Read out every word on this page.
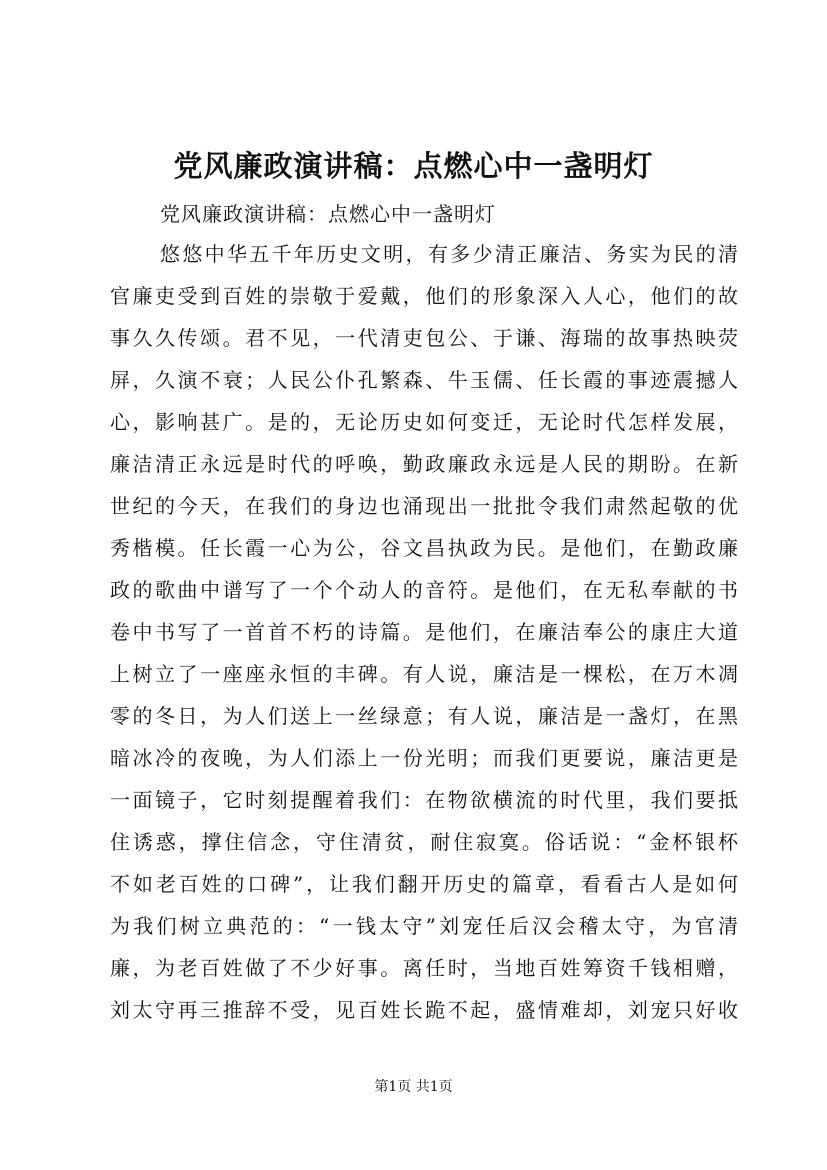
党风廉政演讲稿：点燃心中一盏明灯
党风廉政演讲稿：点燃心中一盏明灯
悠悠中华五千年历史文明，有多少清正廉洁、务实为民的清
官廉吏受到百姓的崇敬于爱戴，他们的形象深入人心，他们的故
事久久传颂。君不见，一代清吏包公、于谦、海瑞的故事热映荧
屏，久演不衰；人民公仆孔繁森、牛玉儒、任长霞的事迹震撼人
心，影响甚广。是的，无论历史如何变迁，无论时代怎样发展，
廉洁清正永远是时代的呼唤，勤政廉政永远是人民的期盼。在新
世纪的今天，在我们的身边也涌现出一批批令我们肃然起敬的优
秀楷模。任长霞一心为公，谷文昌执政为民。是他们，在勤政廉
政的歌曲中谱写了一个个动人的音符。是他们，在无私奉献的书
卷中书写了一首首不朽的诗篇。是他们，在廉洁奉公的康庄大道
上树立了一座座永恒的丰碑。有人说，廉洁是一棵松，在万木凋
零的冬日，为人们送上一丝绿意；有人说，廉洁是一盏灯，在黑
暗冰冷的夜晚，为人们添上一份光明；而我们更要说，廉洁更是
一面镜子，它时刻提醒着我们：在物欲横流的时代里，我们要抵
住诱惑，撑住信念，守住清贫，耐住寂寞。俗话说：“金杯银杯
不如老百姓的口碑”，让我们翻开历史的篇章，看看古人是如何
为我们树立典范的：“一钱太守”刘宠任后汉会稽太守，为官清
廉，为老百姓做了不少好事。离任时，当地百姓筹资千钱相赠，
刘太守再三推辞不受，见百姓长跪不起，盛情难却，刘宠只好收
第1页 共1页
